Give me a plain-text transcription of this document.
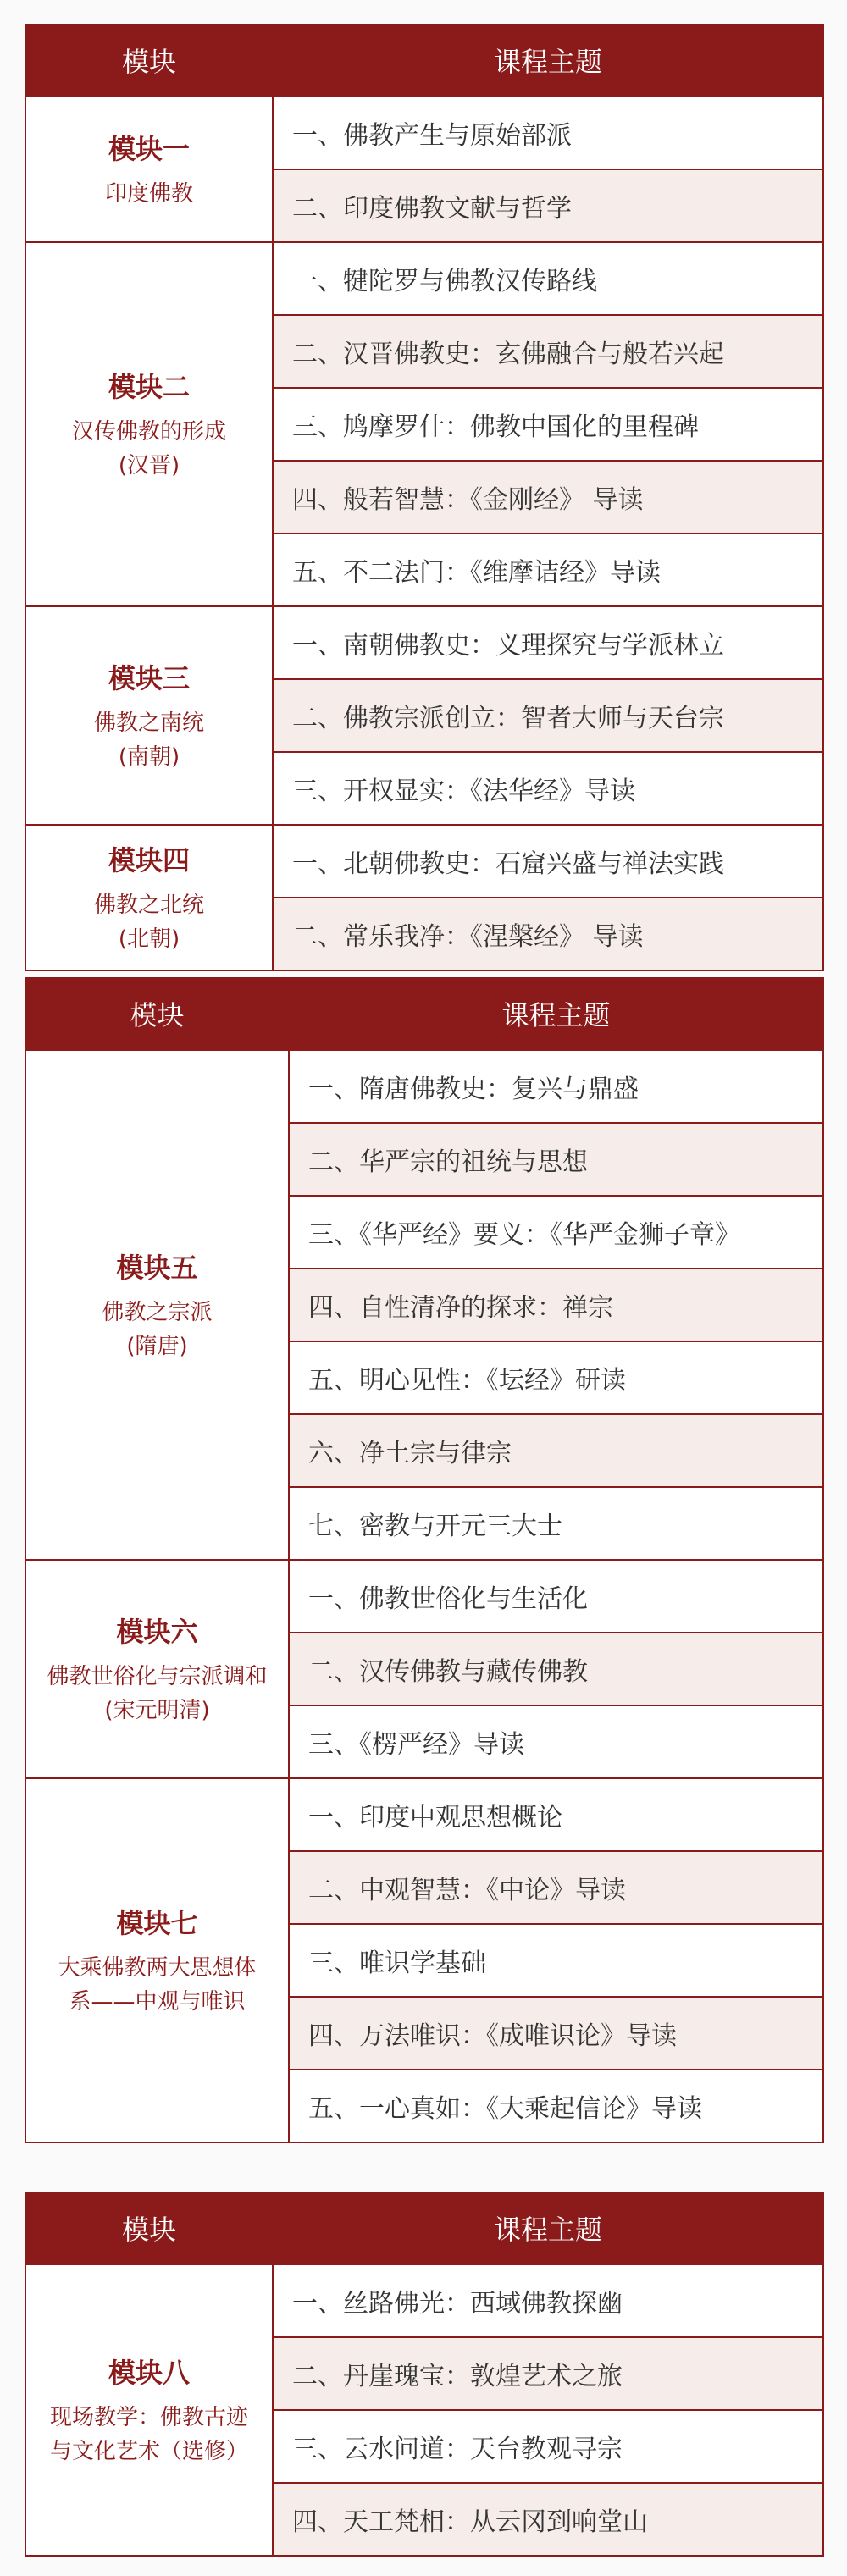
模块	课程主题

模块一
印度佛教	一、佛教产生与原始部派
	二、印度佛教文献与哲学

模块二
汉传佛教的形成
(汉晋)	一、犍陀罗与佛教汉传路线
	二、汉晋佛教史：玄佛融合与般若兴起
	三、鸠摩罗什：佛教中国化的里程碑
	四、般若智慧：《金刚经》 导读
	五、不二法门：《维摩诘经》导读

模块三
佛教之南统
(南朝)	一、南朝佛教史：义理探究与学派林立
	二、佛教宗派创立：智者大师与天台宗
	三、开权显实：《法华经》导读

模块四
佛教之北统
(北朝)	一、北朝佛教史：石窟兴盛与禅法实践
	二、常乐我净：《涅槃经》 导读
模块	课程主题

模块五
佛教之宗派
(隋唐)	一、隋唐佛教史：复兴与鼎盛
	二、华严宗的祖统与思想
	三、《华严经》要义：《华严金狮子章》
	四、自性清净的探求：禅宗
	五、明心见性：《坛经》研读
	六、净土宗与律宗
	七、密教与开元三大士

模块六
佛教世俗化与宗派调和
(宋元明清)	一、佛教世俗化与生活化
	二、汉传佛教与藏传佛教
	三、《楞严经》导读

模块七
大乘佛教两大思想体
系——中观与唯识	一、印度中观思想概论
	二、中观智慧：《中论》导读
	三、唯识学基础
	四、万法唯识：《成唯识论》导读
	五、一心真如：《大乘起信论》导读
模块	课程主题

模块八
现场教学：佛教古迹
与文化艺术（选修）	一、丝路佛光：西域佛教探幽
	二、丹崖瑰宝：敦煌艺术之旅
	三、云水问道：天台教观寻宗
	四、天工梵相：从云冈到响堂山
